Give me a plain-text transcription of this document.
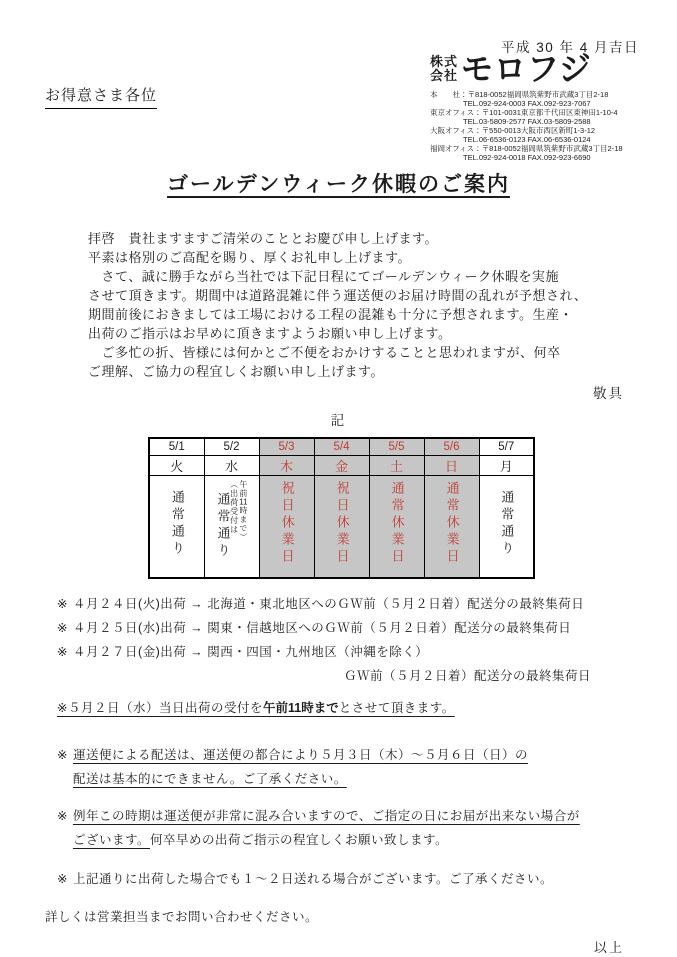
平成 30 年 4 月吉日
お得意さま各位
株式
会社 モロフジ
本　　社：〒818-0052福岡県筑紫野市武蔵3丁目2-18
TEL.092-924-0003 FAX.092-923-7067
東京オフィス：〒101-0031東京都千代田区東神田1-10-4
TEL.03-5809-2577 FAX.03-5809-2588
大阪オフィス：〒550-0013大阪市西区新町1-3-12
TEL.06-6536-0123 FAX.06-6536-0124
福岡オフィス：〒818-0052福岡県筑紫野市武蔵3丁目2-18
TEL.092-924-0018 FAX.092-923-6690
ゴールデンウィーク休暇のご案内
拝啓　貴社ますますご清栄のこととお慶び申し上げます。
平素は格別のご高配を賜り、厚くお礼申し上げます。
　さて、誠に勝手ながら当社では下記日程にてゴールデンウィーク休暇を実施
させて頂きます。期間中は道路混雑に伴う運送便のお届け時間の乱れが予想され、
期間前後におきましては工場における工程の混雑も十分に予想されます。生産・
出荷のご指示はお早めに頂きますようお願い申し上げます。
　ご多忙の折、皆様には何かとご不便をおかけすることと思われますが、何卒
ご理解、ご協力の程宜しくお願い申し上げます。
敬具
記
5/1	5/2	5/3	5/4	5/5	5/6	5/7
火	水	木	金	土	日	月
通常通り	通常通り （出荷受付は 午前11時まで）	祝日休業日	祝日休業日	通常休業日	通常休業日	通常通り
※ ４月２４日(火)出荷 → 北海道・東北地区へのＧＷ前（５月２日着）配送分の最終集荷日
※ ４月２５日(水)出荷 → 関東・信越地区へのＧＷ前（５月２日着）配送分の最終集荷日
※ ４月２７日(金)出荷 → 関西・四国・九州地区（沖縄を除く）
ＧＷ前（５月２日着）配送分の最終集荷日
※５月２日（水）当日出荷の受付を午前11時までとさせて頂きます。
※ 運送便による配送は、運送便の都合により５月３日（木）～５月６日（日）の
配送は基本的にできません。ご了承ください。
※ 例年この時期は運送便が非常に混み合いますので、ご指定の日にお届が出来ない場合が
ございます。何卒早めの出荷ご指示の程宜しくお願い致します。
※ 上記通りに出荷した場合でも１～２日送れる場合がございます。ご了承ください。
詳しくは営業担当までお問い合わせください。
以上
